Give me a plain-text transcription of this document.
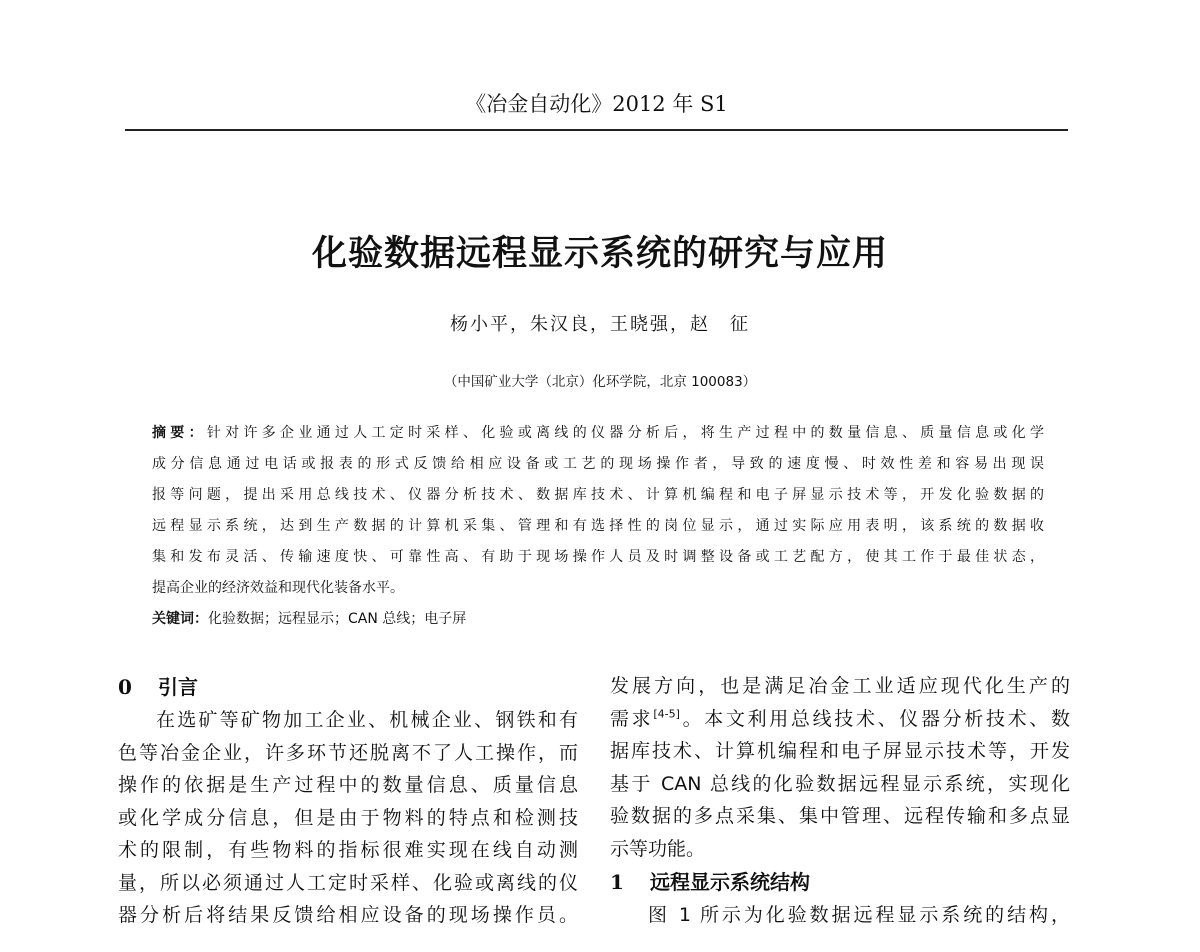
《冶金自动化》2012 年 S1
化验数据远程显示系统的研究与应用
杨小平，朱汉良，王晓强，赵　征
（中国矿业大学（北京）化环学院，北京 100083）
摘要：针对许多企业通过人工定时采样、化验或离线的仪器分析后，将生产过程中的数量信息、质量信息或化学
成分信息通过电话或报表的形式反馈给相应设备或工艺的现场操作者，导致的速度慢、时效性差和容易出现误
报等问题，提出采用总线技术、仪器分析技术、数据库技术、计算机编程和电子屏显示技术等，开发化验数据的
远程显示系统，达到生产数据的计算机采集、管理和有选择性的岗位显示，通过实际应用表明，该系统的数据收
集和发布灵活、传输速度快、可靠性高、有助于现场操作人员及时调整设备或工艺配方，使其工作于最佳状态，
提高企业的经济效益和现代化装备水平。
关键词：化验数据；远程显示；CAN 总线；电子屏
0 引言
在选矿等矿物加工企业、机械企业、钢铁和有
色等冶金企业，许多环节还脱离不了人工操作，而
操作的依据是生产过程中的数量信息、质量信息
或化学成分信息，但是由于物料的特点和检测技
术的限制，有些物料的指标很难实现在线自动测
量，所以必须通过人工定时采样、化验或离线的仪
器分析后将结果反馈给相应设备的现场操作员。
发展方向，也是满足冶金工业适应现代化生产的
需求[4-5]。本文利用总线技术、仪器分析技术、数
据库技术、计算机编程和电子屏显示技术等，开发
基于 CAN 总线的化验数据远程显示系统，实现化
验数据的多点采集、集中管理、远程传输和多点显
示等功能。
1 远程显示系统结构
图 1 所示为化验数据远程显示系统的结构，
